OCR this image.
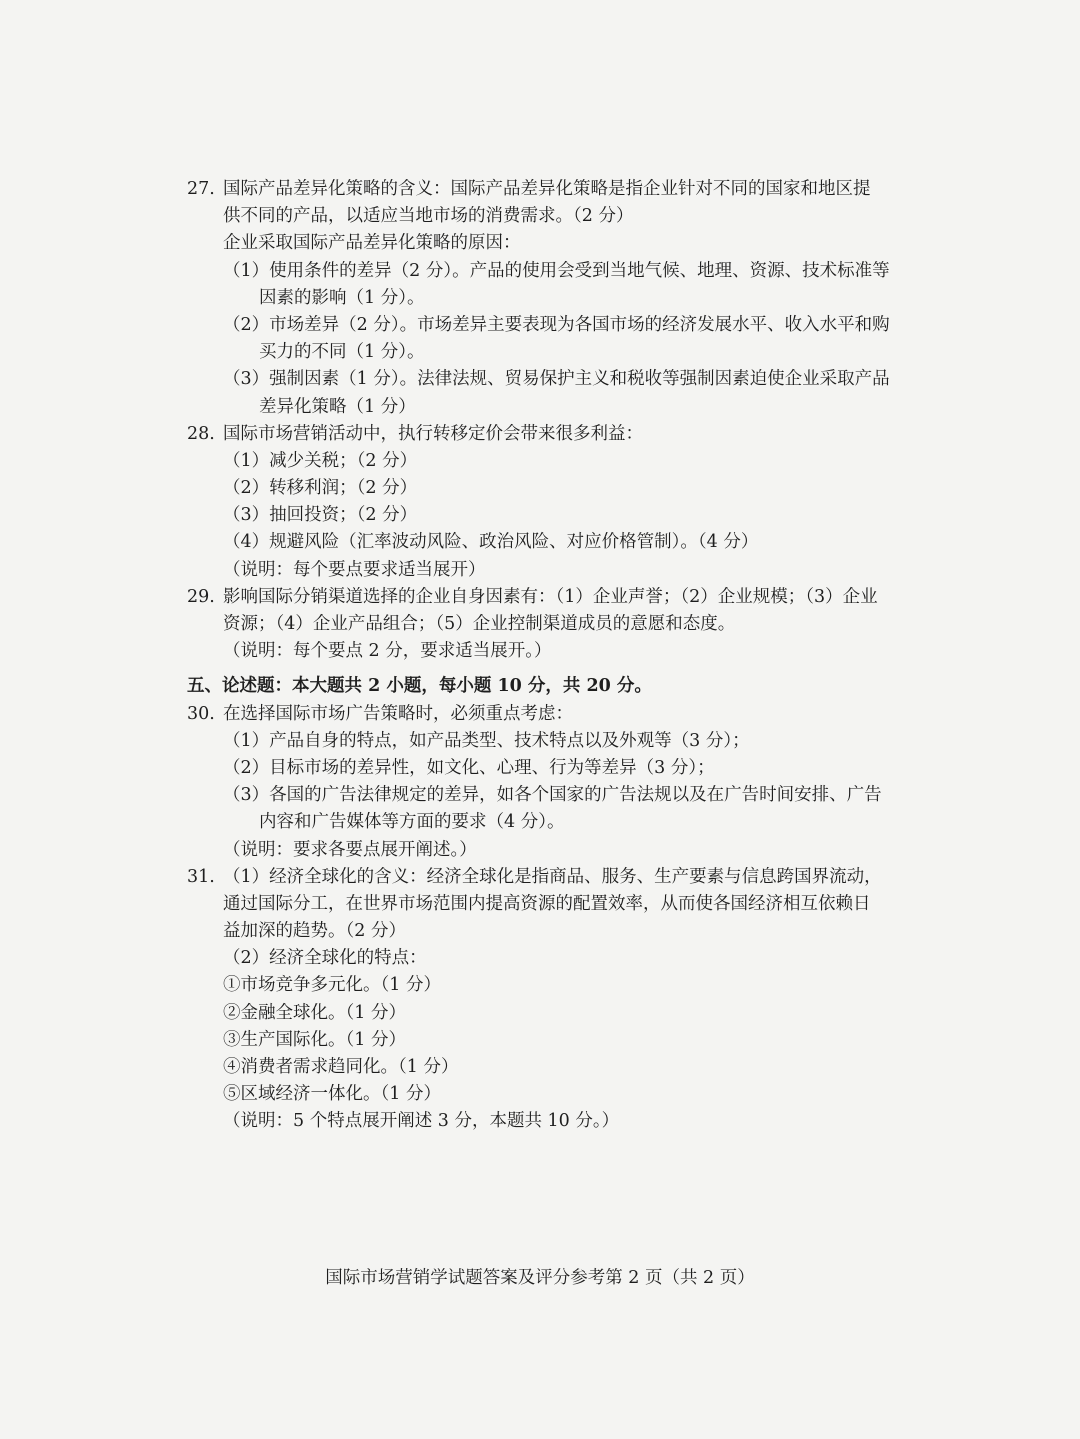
27. 国际产品差异化策略的含义：国际产品差异化策略是指企业针对不同的国家和地区提
供不同的产品，以适应当地市场的消费需求。（2 分）
企业采取国际产品差异化策略的原因：
（1）使用条件的差异（2 分）。产品的使用会受到当地气候、地理、资源、技术标准等
因素的影响（1 分）。
（2）市场差异（2 分）。市场差异主要表现为各国市场的经济发展水平、收入水平和购
买力的不同（1 分）。
（3）强制因素（1 分）。法律法规、贸易保护主义和税收等强制因素迫使企业采取产品
差异化策略（1 分）
28. 国际市场营销活动中，执行转移定价会带来很多利益：
（1）减少关税；（2 分）
（2）转移利润；（2 分）
（3）抽回投资；（2 分）
（4）规避风险（汇率波动风险、政治风险、对应价格管制）。（4 分）
（说明：每个要点要求适当展开）
29. 影响国际分销渠道选择的企业自身因素有：（1）企业声誉；（2）企业规模；（3）企业
资源；（4）企业产品组合；（5）企业控制渠道成员的意愿和态度。
（说明：每个要点 2 分，要求适当展开。）
五、论述题：本大题共 2 小题，每小题 10 分，共 20 分。
30. 在选择国际市场广告策略时，必须重点考虑：
（1）产品自身的特点，如产品类型、技术特点以及外观等（3 分）；
（2）目标市场的差异性，如文化、心理、行为等差异（3 分）；
（3）各国的广告法律规定的差异，如各个国家的广告法规以及在广告时间安排、广告
内容和广告媒体等方面的要求（4 分）。
（说明：要求各要点展开阐述。）
31. （1）经济全球化的含义：经济全球化是指商品、服务、生产要素与信息跨国界流动，
通过国际分工，在世界市场范围内提高资源的配置效率，从而使各国经济相互依赖日
益加深的趋势。（2 分）
（2）经济全球化的特点：
①市场竞争多元化。（1 分）
②金融全球化。（1 分）
③生产国际化。（1 分）
④消费者需求趋同化。（1 分）
⑤区域经济一体化。（1 分）
（说明：5 个特点展开阐述 3 分，本题共 10 分。）
国际市场营销学试题答案及评分参考第 2 页（共 2 页）
